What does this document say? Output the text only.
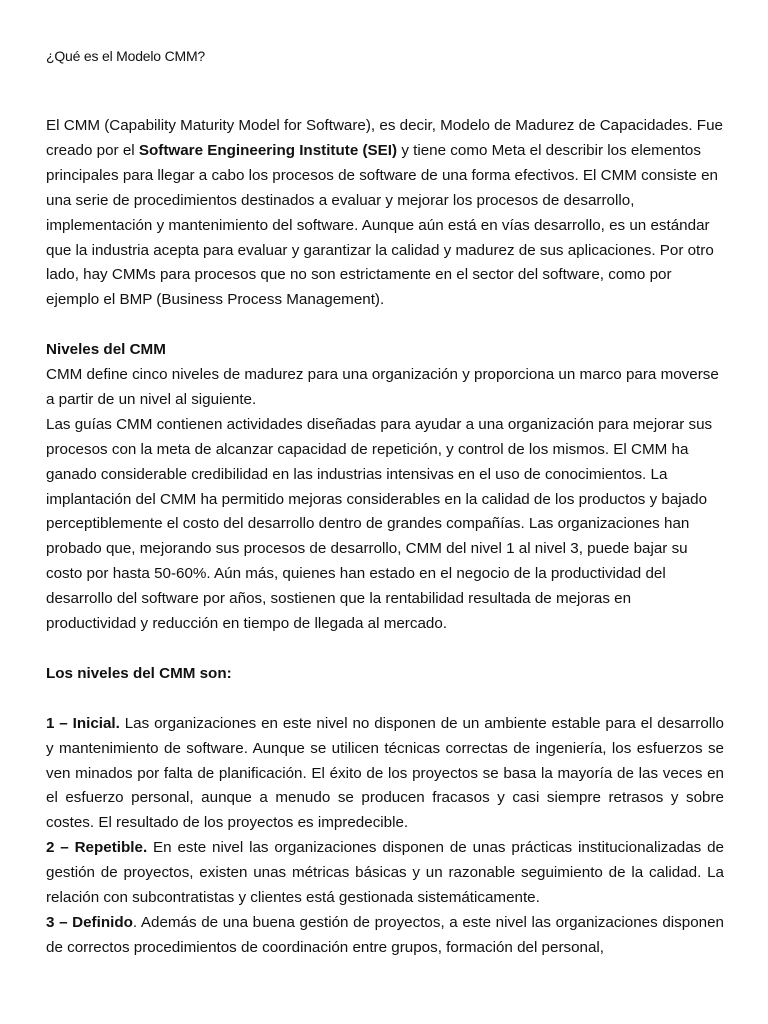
¿Qué es el Modelo CMM?

El CMM (Capability Maturity Model for Software), es decir, Modelo de Madurez de Capacidades. Fue creado por el Software Engineering Institute (SEI) y tiene como Meta el describir los elementos principales para llegar a cabo los procesos de software de una forma efectivos. El CMM consiste en una serie de procedimientos destinados a evaluar y mejorar los procesos de desarrollo, implementación y mantenimiento del software. Aunque aún está en vías desarrollo, es un estándar que la industria acepta para evaluar y garantizar la calidad y madurez de sus aplicaciones. Por otro lado, hay CMMs para procesos que no son estrictamente en el sector del software, como por ejemplo el BMP (Business Process Management).

Niveles del CMM

CMM define cinco niveles de madurez para una organización y proporciona un marco para moverse a partir de un nivel al siguiente.

Las guías CMM contienen actividades diseñadas para ayudar a una organización para mejorar sus procesos con la meta de alcanzar capacidad de repetición, y control de los mismos. El CMM ha ganado considerable credibilidad en las industrias intensivas en el uso de conocimientos. La implantación del CMM ha permitido mejoras considerables en la calidad de los productos y bajado perceptiblemente el costo del desarrollo dentro de grandes compañías. Las organizaciones han probado que, mejorando sus procesos de desarrollo, CMM del nivel 1 al nivel 3, puede bajar su costo por hasta 50-60%. Aún más, quienes han estado en el negocio de la productividad del desarrollo del software por años, sostienen que la rentabilidad resultada de mejoras en productividad y reducción en tiempo de llegada al mercado.

Los niveles del CMM son:

1 – Inicial. Las organizaciones en este nivel no disponen de un ambiente estable para el desarrollo y mantenimiento de software. Aunque se utilicen técnicas correctas de ingeniería, los esfuerzos se ven minados por falta de planificación. El éxito de los proyectos se basa la mayoría de las veces en el esfuerzo personal, aunque a menudo se producen fracasos y casi siempre retrasos y sobre costes. El resultado de los proyectos es impredecible.

2 – Repetible. En este nivel las organizaciones disponen de unas prácticas institucionalizadas de gestión de proyectos, existen unas métricas básicas y un razonable seguimiento de la calidad. La relación con subcontratistas y clientes está gestionada sistemáticamente.

3 – Definido. Además de una buena gestión de proyectos, a este nivel las organizaciones disponen de correctos procedimientos de coordinación entre grupos, formación del personal,
